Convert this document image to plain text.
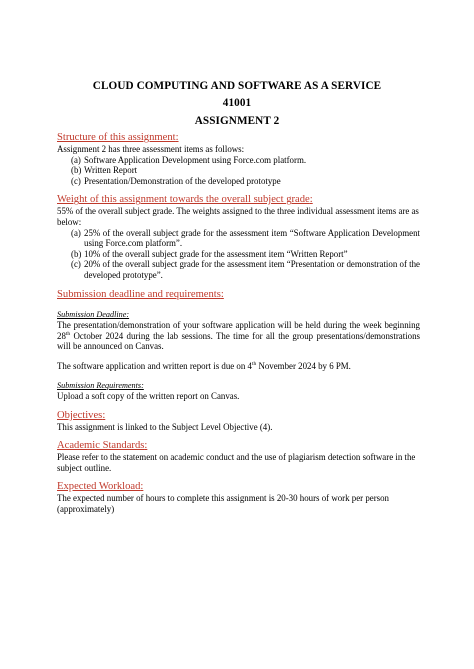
CLOUD COMPUTING AND SOFTWARE AS A SERVICE
41001
ASSIGNMENT 2

Structure of this assignment:

Assignment 2 has three assessment items as follows:

(a) Software Application Development using Force.com platform.
(b) Written Report
(c) Presentation/Demonstration of the developed prototype

Weight of this assignment towards the overall subject grade:

55% of the overall subject grade. The weights assigned to the three individual assessment items are as below:

(a) 25% of the overall subject grade for the assessment item “Software Application Development using Force.com platform”.
(b) 10% of the overall subject grade for the assessment item “Written Report”
(c) 20% of the overall subject grade for the assessment item “Presentation or demonstration of the developed prototype”.

Submission deadline and requirements:

Submission Deadline:

The presentation/demonstration of your software application will be held during the week beginning 28th October 2024 during the lab sessions. The time for all the group presentations/demonstrations will be announced on Canvas.

The software application and written report is due on 4th November 2024 by 6 PM.

Submission Requirements:

Upload a soft copy of the written report on Canvas.

Objectives:

This assignment is linked to the Subject Level Objective (4).

Academic Standards:

Please refer to the statement on academic conduct and the use of plagiarism detection software in the subject outline.

Expected Workload:

The expected number of hours to complete this assignment is 20-30 hours of work per person (approximately)
